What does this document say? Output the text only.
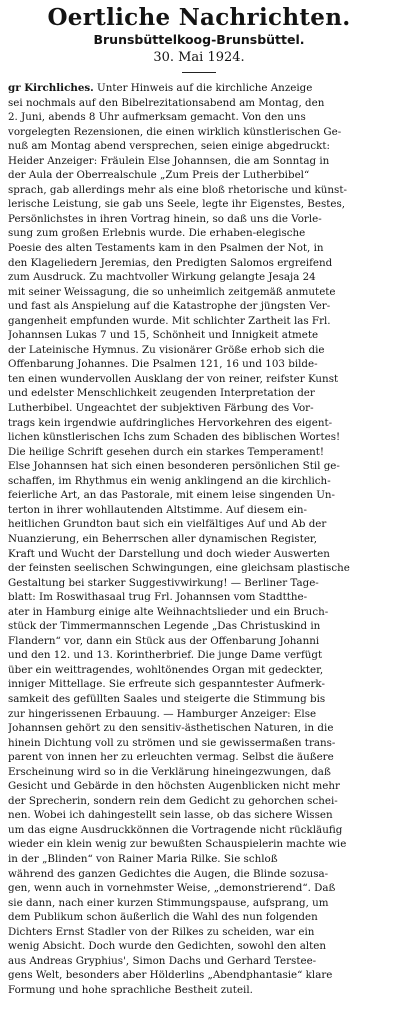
Oertliche Nachrichten.
Brunsbüttelkoog-Brunsbüttel.
30. Mai 1924.
gr Kirchliches. Unter Hinweis auf die kirchliche Anzeige
sei nochmals auf den Bibelrezitationsabend am Montag, den
2. Juni, abends 8 Uhr aufmerksam gemacht. Von den uns
vorgelegten Rezensionen, die einen wirklich künstlerischen Ge-
nuß am Montag abend versprechen, seien einige abgedruckt:
Heider Anzeiger: Fräulein Else Johannsen, die am Sonntag in
der Aula der Oberrealschule „Zum Preis der Lutherbibel“
sprach, gab allerdings mehr als eine bloß rhetorische und künst-
lerische Leistung, sie gab uns Seele, legte ihr Eigenstes, Bestes,
Persönlichstes in ihren Vortrag hinein, so daß uns die Vorle-
sung zum großen Erlebnis wurde. Die erhaben-elegische
Poesie des alten Testaments kam in den Psalmen der Not, in
den Klageliedern Jeremias, den Predigten Salomos ergreifend
zum Ausdruck. Zu machtvoller Wirkung gelangte Jesaja 24
mit seiner Weissagung, die so unheimlich zeitgemäß anmutete
und fast als Anspielung auf die Katastrophe der jüngsten Ver-
gangenheit empfunden wurde. Mit schlichter Zartheit las Frl.
Johannsen Lukas 7 und 15, Schönheit und Innigkeit atmete
der Lateinische Hymnus. Zu visionärer Größe erhob sich die
Offenbarung Johannes. Die Psalmen 121, 16 und 103 bilde-
ten einen wundervollen Ausklang der von reiner, reifster Kunst
und edelster Menschlichkeit zeugenden Interpretation der
Lutherbibel. Ungeachtet der subjektiven Färbung des Vor-
trags kein irgendwie aufdringliches Hervorkehren des eigent-
lichen künstlerischen Ichs zum Schaden des biblischen Wortes!
Die heilige Schrift gesehen durch ein starkes Temperament!
Else Johannsen hat sich einen besonderen persönlichen Stil ge-
schaffen, im Rhythmus ein wenig anklingend an die kirchlich-
feierliche Art, an das Pastorale, mit einem leise singenden Un-
terton in ihrer wohllautenden Altstimme. Auf diesem ein-
heitlichen Grundton baut sich ein vielfältiges Auf und Ab der
Nuanzierung, ein Beherrschen aller dynamischen Register,
Kraft und Wucht der Darstellung und doch wieder Auswerten
der feinsten seelischen Schwingungen, eine gleichsam plastische
Gestaltung bei starker Suggestivwirkung! — Berliner Tage-
blatt: Im Roswithasaal trug Frl. Johannsen vom Stadtthe-
ater in Hamburg einige alte Weihnachtslieder und ein Bruch-
stück der Timmermannschen Legende „Das Christuskind in
Flandern“ vor, dann ein Stück aus der Offenbarung Johanni
und den 12. und 13. Korintherbrief. Die junge Dame verfügt
über ein weittragendes, wohltönendes Organ mit gedeckter,
inniger Mittellage. Sie erfreute sich gespanntester Aufmerk-
samkeit des gefüllten Saales und steigerte die Stimmung bis
zur hingerissenen Erbauung. — Hamburger Anzeiger: Else
Johannsen gehört zu den sensitiv-ästhetischen Naturen, in die
hinein Dichtung voll zu strömen und sie gewissermaßen trans-
parent von innen her zu erleuchten vermag. Selbst die äußere
Erscheinung wird so in die Verklärung hineingezwungen, daß
Gesicht und Gebärde in den höchsten Augenblicken nicht mehr
der Sprecherin, sondern rein dem Gedicht zu gehorchen schei-
nen. Wobei ich dahingestellt sein lasse, ob das sichere Wissen
um das eigne Ausdruckkönnen die Vortragende nicht rückläufig
wieder ein klein wenig zur bewußten Schauspielerin machte wie
in der „Blinden“ von Rainer Maria Rilke. Sie schloß
während des ganzen Gedichtes die Augen, die Blinde sozusa-
gen, wenn auch in vornehmster Weise, „demonstrierend“. Daß
sie dann, nach einer kurzen Stimmungspause, aufsprang, um
dem Publikum schon äußerlich die Wahl des nun folgenden
Dichters Ernst Stadler von der Rilkes zu scheiden, war ein
wenig Absicht. Doch wurde den Gedichten, sowohl den alten
aus Andreas Gryphius', Simon Dachs und Gerhard Terstee-
gens Welt, besonders aber Hölderlins „Abendphantasie“ klare
Formung und hohe sprachliche Bestheit zuteil.
